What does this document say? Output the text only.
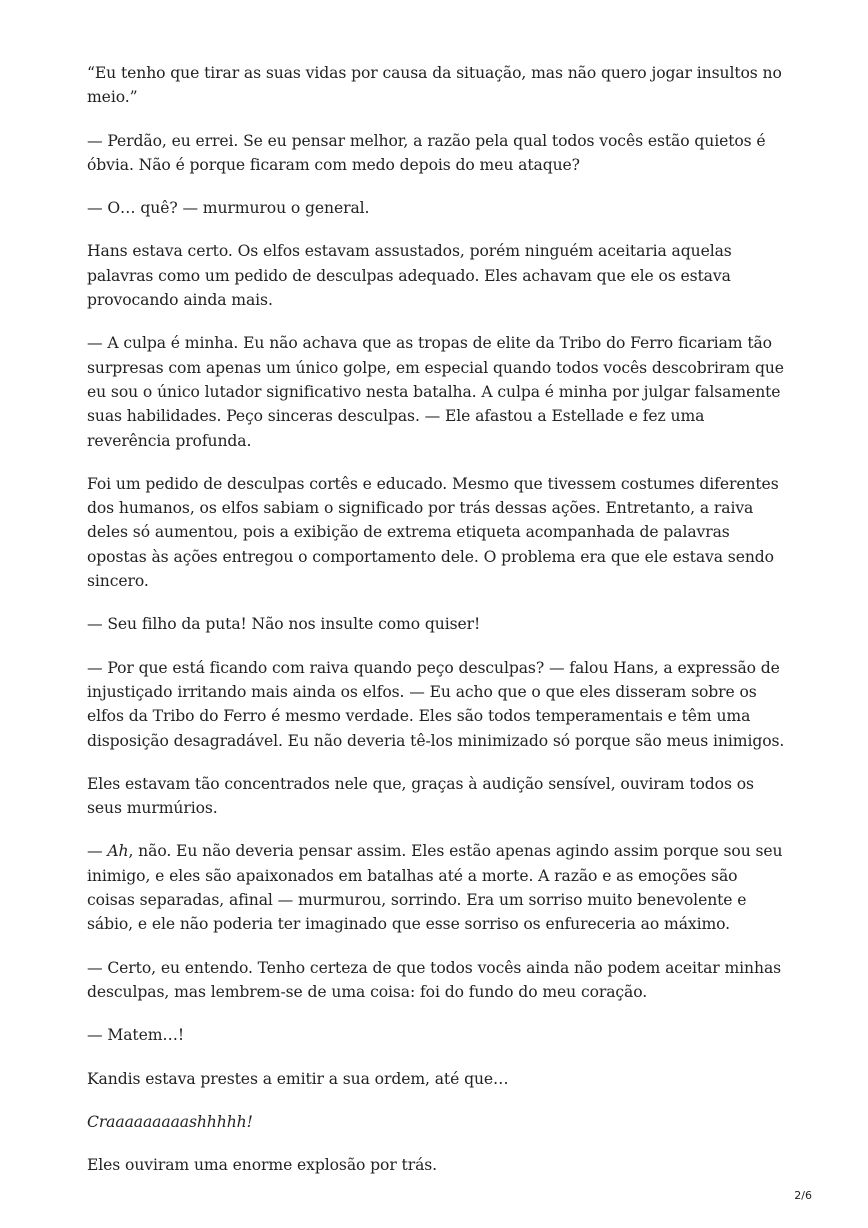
“Eu tenho que tirar as suas vidas por causa da situação, mas não quero jogar insultos no meio.”

— Perdão, eu errei. Se eu pensar melhor, a razão pela qual todos vocês estão quietos é óbvia. Não é porque ficaram com medo depois do meu ataque?

— O… quê? — murmurou o general.

Hans estava certo. Os elfos estavam assustados, porém ninguém aceitaria aquelas palavras como um pedido de desculpas adequado. Eles achavam que ele os estava provocando ainda mais.

— A culpa é minha. Eu não achava que as tropas de elite da Tribo do Ferro ficariam tão surpresas com apenas um único golpe, em especial quando todos vocês descobriram que eu sou o único lutador significativo nesta batalha. A culpa é minha por julgar falsamente suas habilidades. Peço sinceras desculpas. — Ele afastou a Estellade e fez uma reverência profunda.

Foi um pedido de desculpas cortês e educado. Mesmo que tivessem costumes diferentes dos humanos, os elfos sabiam o significado por trás dessas ações. Entretanto, a raiva deles só aumentou, pois a exibição de extrema etiqueta acompanhada de palavras opostas às ações entregou o comportamento dele. O problema era que ele estava sendo sincero.

— Seu filho da puta! Não nos insulte como quiser!

— Por que está ficando com raiva quando peço desculpas? — falou Hans, a expressão de injustiçado irritando mais ainda os elfos. — Eu acho que o que eles disseram sobre os elfos da Tribo do Ferro é mesmo verdade. Eles são todos temperamentais e têm uma disposição desagradável. Eu não deveria tê-los minimizado só porque são meus inimigos.

Eles estavam tão concentrados nele que, graças à audição sensível, ouviram todos os seus murmúrios.

— Ah, não. Eu não deveria pensar assim. Eles estão apenas agindo assim porque sou seu inimigo, e eles são apaixonados em batalhas até a morte. A razão e as emoções são coisas separadas, afinal — murmurou, sorrindo. Era um sorriso muito benevolente e sábio, e ele não poderia ter imaginado que esse sorriso os enfureceria ao máximo.

— Certo, eu entendo. Tenho certeza de que todos vocês ainda não podem aceitar minhas desculpas, mas lembrem-se de uma coisa: foi do fundo do meu coração.

— Matem…!

Kandis estava prestes a emitir a sua ordem, até que…

Craaaaaaaaashhhhh!

Eles ouviram uma enorme explosão por trás.

2/6
